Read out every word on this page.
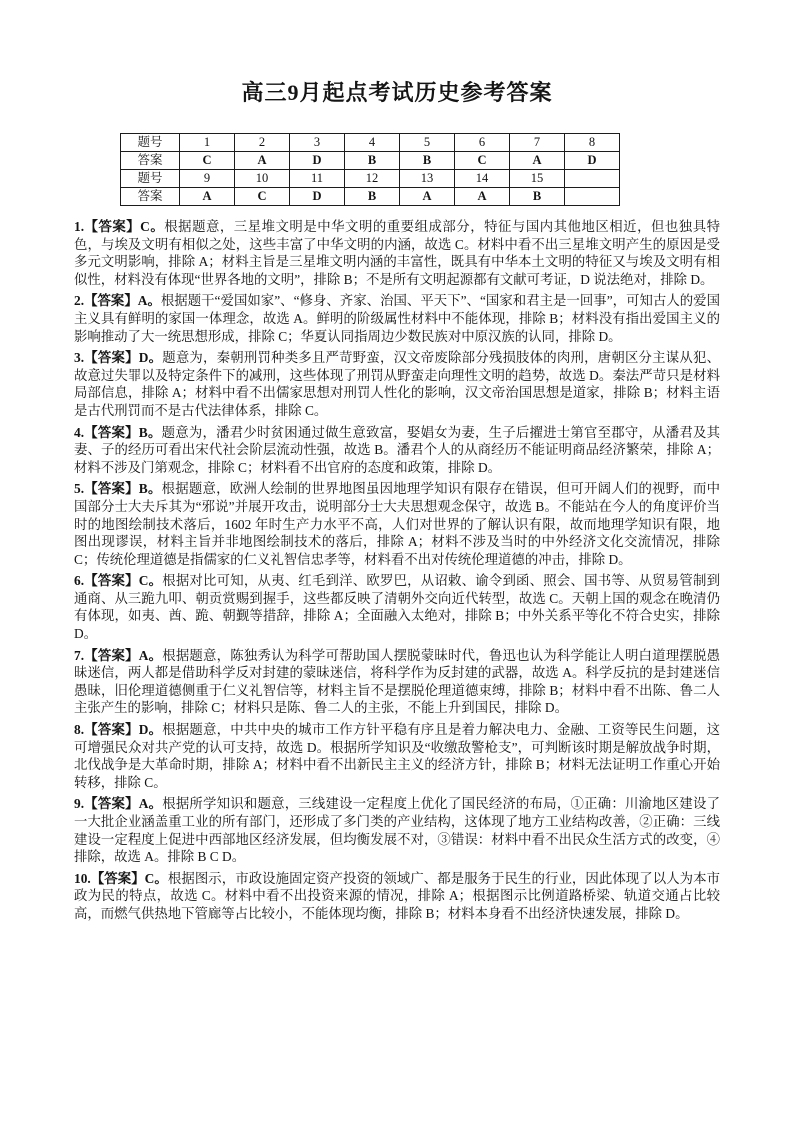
高三9月起点考试历史参考答案
题号	1	2	3	4	5	6	7	8
答案	C	A	D	B	B	C	A	D
题号	9	10	11	12	13	14	15	
答案	A	C	D	B	A	A	B	

1.【答案】C。根据题意，三星堆文明是中华文明的重要组成部分，特征与国内其他地区相近，但也独具特色，与埃及文明有相似之处，这些丰富了中华文明的内涵，故选 C。材料中看不出三星堆文明产生的原因是受多元文明影响，排除 A；材料主旨是三星堆文明内涵的丰富性，既具有中华本土文明的特征又与埃及文明有相似性，材料没有体现“世界各地的文明”，排除 B；不是所有文明起源都有文献可考证，D 说法绝对，排除 D。

2.【答案】A。根据题干“爱国如家”、“修身、齐家、治国、平天下”、“国家和君主是一回事”，可知古人的爱国主义具有鲜明的家国一体理念，故选 A。鲜明的阶级属性材料中不能体现，排除 B；材料没有指出爱国主义的影响推动了大一统思想形成，排除 C；华夏认同指周边少数民族对中原汉族的认同，排除 D。

3.【答案】D。题意为，秦朝刑罚种类多且严苛野蛮，汉文帝废除部分残损肢体的肉刑，唐朝区分主谋从犯、故意过失罪以及特定条件下的减刑，这些体现了刑罚从野蛮走向理性文明的趋势，故选 D。秦法严苛只是材料局部信息，排除 A；材料中看不出儒家思想对刑罚人性化的影响，汉文帝治国思想是道家，排除 B；材料主语是古代刑罚而不是古代法律体系，排除 C。

4.【答案】B。题意为，潘君少时贫困通过做生意致富，娶娼女为妻，生子后擢进士第官至郡守，从潘君及其妻、子的经历可看出宋代社会阶层流动性强，故选 B。潘君个人的从商经历不能证明商品经济繁荣，排除 A；材料不涉及门第观念，排除 C；材料看不出官府的态度和政策，排除 D。

5.【答案】B。根据题意，欧洲人绘制的世界地图虽因地理学知识有限存在错误，但可开阔人们的视野，而中国部分士大夫斥其为“邪说”并展开攻击，说明部分士大夫思想观念保守，故选 B。不能站在今人的角度评价当时的地图绘制技术落后，1602 年时生产力水平不高，人们对世界的了解认识有限，故而地理学知识有限，地图出现谬误，材料主旨并非地图绘制技术的落后，排除 A；材料不涉及当时的中外经济文化交流情况，排除 C；传统伦理道德是指儒家的仁义礼智信忠孝等，材料看不出对传统伦理道德的冲击，排除 D。

6.【答案】C。根据对比可知，从夷、红毛到洋、欧罗巴，从诏敕、谕令到函、照会、国书等、从贸易管制到通商、从三跪九叩、朝贡赏赐到握手，这些都反映了清朝外交向近代转型，故选 C。天朝上国的观念在晚清仍有体现，如夷、酋、跪、朝觐等措辞，排除 A；全面融入太绝对，排除 B；中外关系平等化不符合史实，排除 D。

7.【答案】A。根据题意，陈独秀认为科学可帮助国人摆脱蒙昧时代，鲁迅也认为科学能让人明白道理摆脱愚昧迷信，两人都是借助科学反对封建的蒙昧迷信，将科学作为反封建的武器，故选 A。科学反抗的是封建迷信愚昧，旧伦理道德侧重于仁义礼智信等，材料主旨不是摆脱伦理道德束缚，排除 B；材料中看不出陈、鲁二人主张产生的影响，排除 C；材料只是陈、鲁二人的主张，不能上升到国民，排除 D。

8.【答案】D。根据题意，中共中央的城市工作方针平稳有序且是着力解决电力、金融、工资等民生问题，这可增强民众对共产党的认可支持，故选 D。根据所学知识及“收缴敌警枪支”，可判断该时期是解放战争时期，北伐战争是大革命时期，排除 A；材料中看不出新民主主义的经济方针，排除 B；材料无法证明工作重心开始转移，排除 C。

9.【答案】A。根据所学知识和题意，三线建设一定程度上优化了国民经济的布局，①正确：川渝地区建设了一大批企业涵盖重工业的所有部门，还形成了多门类的产业结构，这体现了地方工业结构改善，②正确：三线建设一定程度上促进中西部地区经济发展，但均衡发展不对，③错误：材料中看不出民众生活方式的改变，④排除，故选 A。排除 B C D。

10.【答案】C。根据图示，市政设施固定资产投资的领域广、都是服务于民生的行业，因此体现了以人为本市政为民的特点，故选 C。材料中看不出投资来源的情况，排除 A；根据图示比例道路桥梁、轨道交通占比较高，而燃气供热地下管廊等占比较小，不能体现均衡，排除 B；材料本身看不出经济快速发展，排除 D。
